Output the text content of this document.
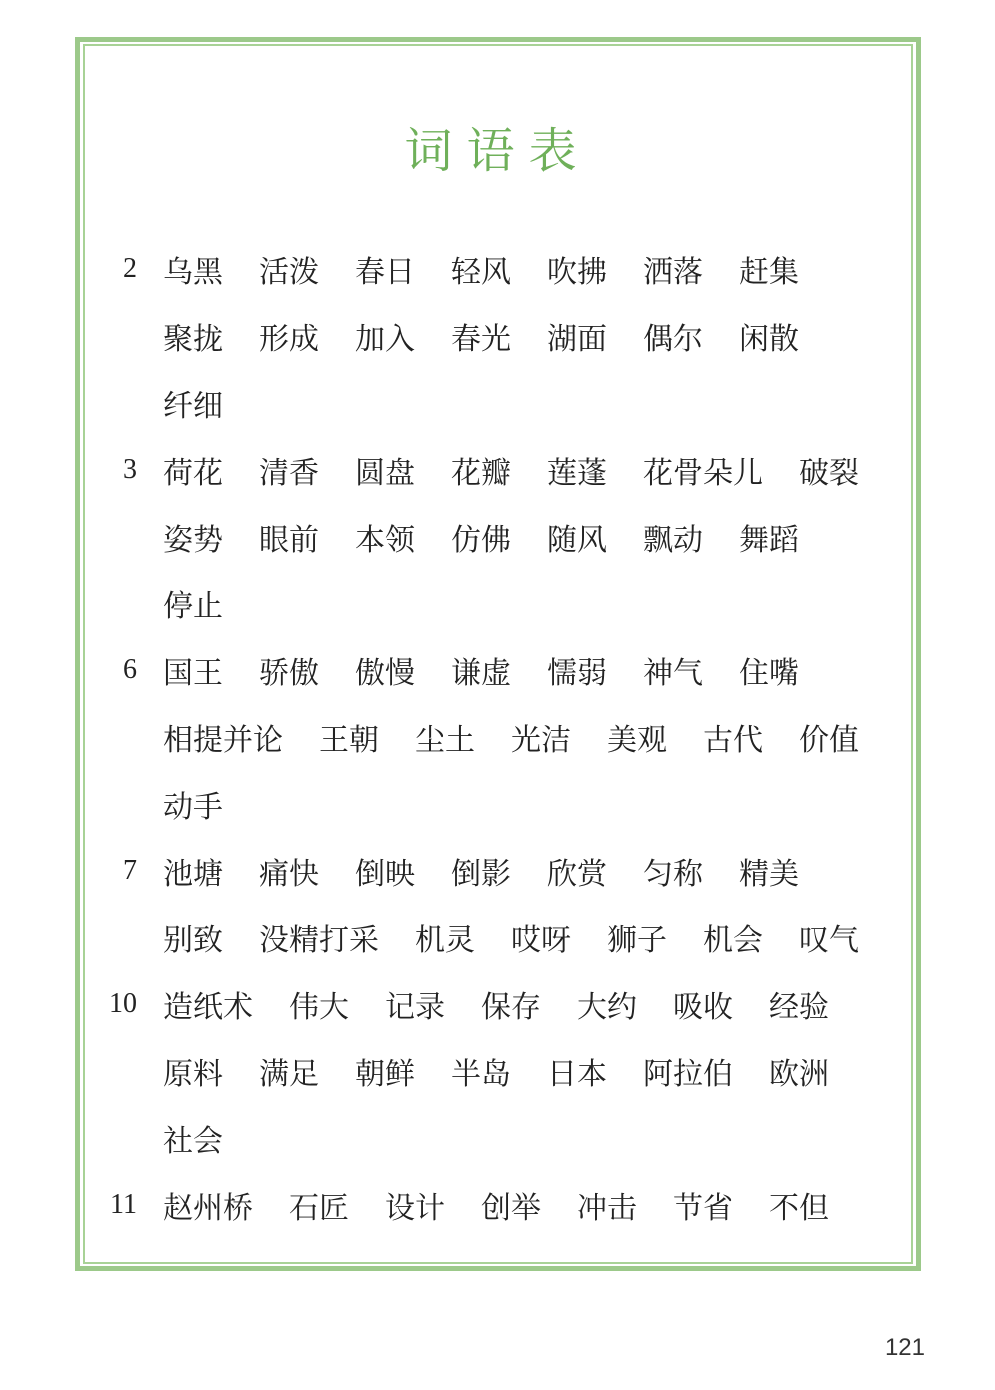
词语表
2 乌黑 活泼 春日 轻风 吹拂 洒落 赶集
聚拢 形成 加入 春光 湖面 偶尔 闲散
纤细
3 荷花 清香 圆盘 花瓣 莲蓬 花骨朵儿 破裂
姿势 眼前 本领 仿佛 随风 飘动 舞蹈
停止
6 国王 骄傲 傲慢 谦虚 懦弱 神气 住嘴
相提并论 王朝 尘土 光洁 美观 古代 价值
动手
7 池塘 痛快 倒映 倒影 欣赏 匀称 精美
别致 没精打采 机灵 哎呀 狮子 机会 叹气
10 造纸术 伟大 记录 保存 大约 吸收 经验
原料 满足 朝鲜 半岛 日本 阿拉伯 欧洲
社会
11 赵州桥 石匠 设计 创举 冲击 节省 不但
121
